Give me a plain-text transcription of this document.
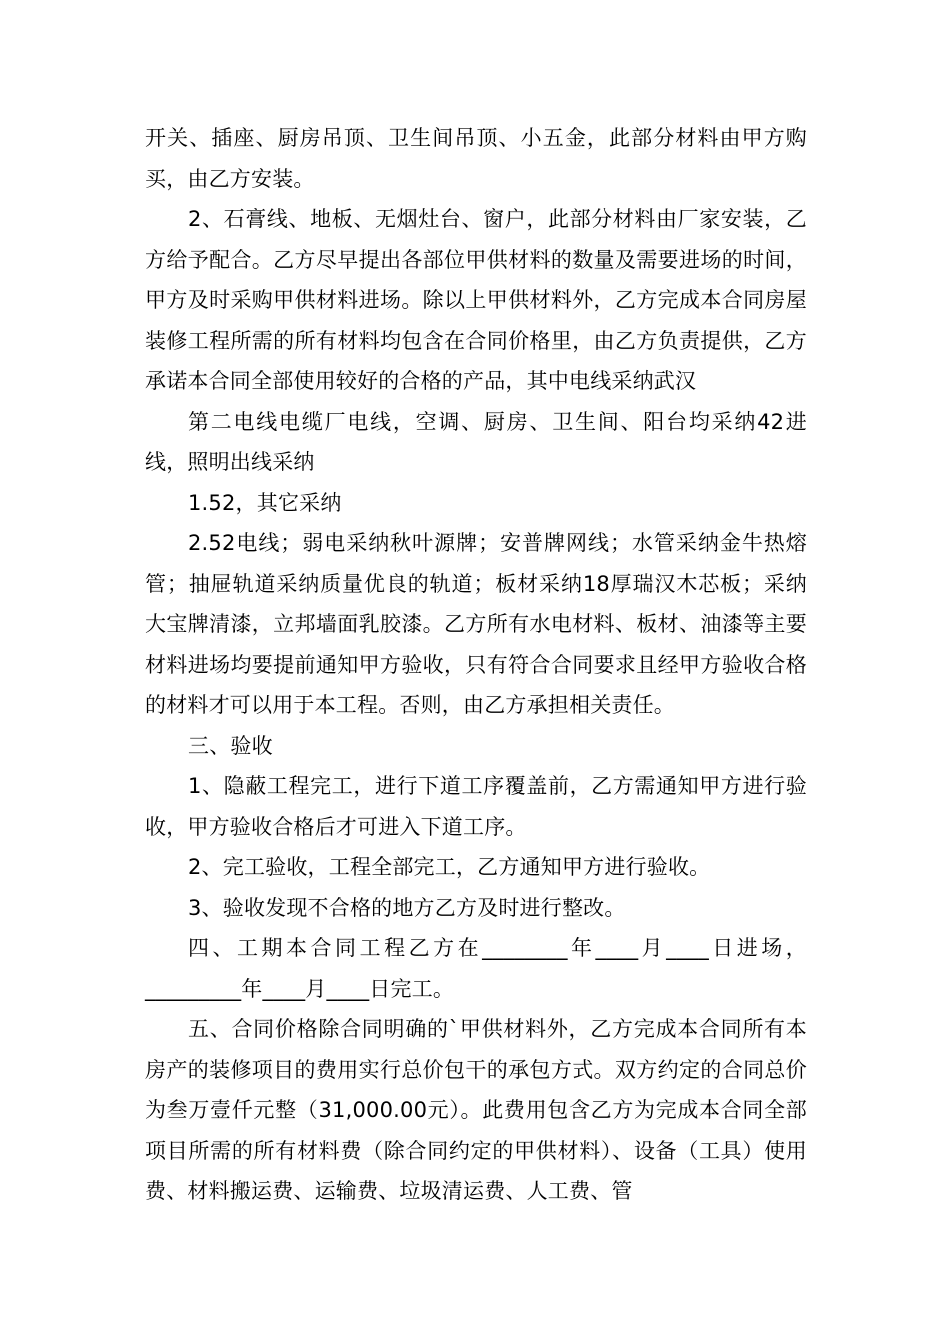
开关、插座、厨房吊顶、卫生间吊顶、小五金，此部分材料由甲方购买，由乙方安装。

2、石膏线、地板、无烟灶台、窗户，此部分材料由厂家安装，乙方给予配合。乙方尽早提出各部位甲供材料的数量及需要进场的时间，甲方及时采购甲供材料进场。除以上甲供材料外，乙方完成本合同房屋装修工程所需的所有材料均包含在合同价格里，由乙方负责提供，乙方承诺本合同全部使用较好的合格的产品，其中电线采纳武汉

第二电线电缆厂电线，空调、厨房、卫生间、阳台均采纳42进线，照明出线采纳

1.52，其它采纳

2.52电线；弱电采纳秋叶源牌；安普牌网线；水管采纳金牛热熔管；抽屉轨道采纳质量优良的轨道；板材采纳18厚瑞汉木芯板；采纳大宝牌清漆，立邦墙面乳胶漆。乙方所有水电材料、板材、油漆等主要材料进场均要提前通知甲方验收，只有符合合同要求且经甲方验收合格的材料才可以用于本工程。否则，由乙方承担相关责任。

三、验收

1、隐蔽工程完工，进行下道工序覆盖前，乙方需通知甲方进行验收，甲方验收合格后才可进入下道工序。

2、完工验收，工程全部完工，乙方通知甲方进行验收。

3、验收发现不合格的地方乙方及时进行整改。

四、工期本合同工程乙方在________年____月____日进场，_________年____月____日完工。

五、合同价格除合同明确的`甲供材料外，乙方完成本合同所有本房产的装修项目的费用实行总价包干的承包方式。双方约定的合同总价为叁万壹仟元整（31,000.00元）。此费用包含乙方为完成本合同全部项目所需的所有材料费（除合同约定的甲供材料）、设备（工具）使用费、材料搬运费、运输费、垃圾清运费、人工费、管
